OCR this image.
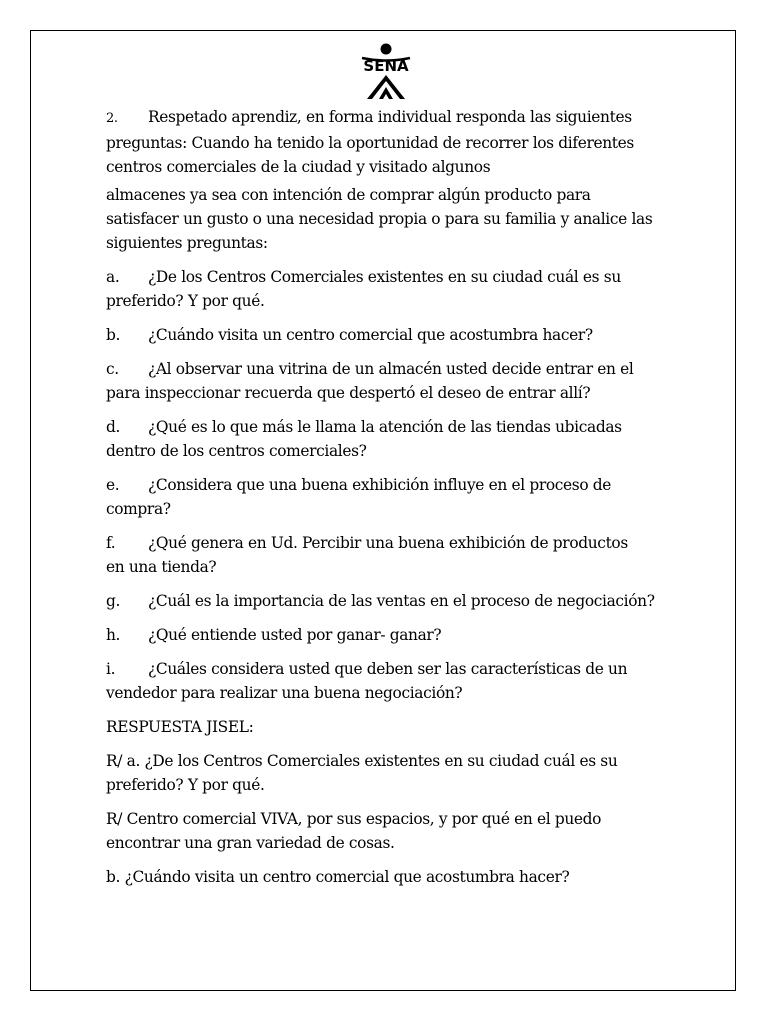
SENA

2. Respetado aprendiz, en forma individual responda las siguientes
preguntas: Cuando ha tenido la oportunidad de recorrer los diferentes
centros comerciales de la ciudad y visitado algunos

almacenes ya sea con intención de comprar algún producto para
satisfacer un gusto o una necesidad propia o para su familia y analice las
siguientes preguntas:

a. ¿De los Centros Comerciales existentes en su ciudad cuál es su
preferido? Y por qué.

b. ¿Cuándo visita un centro comercial que acostumbra hacer?

c. ¿Al observar una vitrina de un almacén usted decide entrar en el
para inspeccionar recuerda que despertó el deseo de entrar allí?

d. ¿Qué es lo que más le llama la atención de las tiendas ubicadas
dentro de los centros comerciales?

e. ¿Considera que una buena exhibición influye en el proceso de
compra?

f. ¿Qué genera en Ud. Percibir una buena exhibición de productos
en una tienda?

g. ¿Cuál es la importancia de las ventas en el proceso de negociación?

h. ¿Qué entiende usted por ganar- ganar?

i. ¿Cuáles considera usted que deben ser las características de un
vendedor para realizar una buena negociación?

RESPUESTA JISEL:

R/ a. ¿De los Centros Comerciales existentes en su ciudad cuál es su
preferido? Y por qué.

R/ Centro comercial VIVA, por sus espacios, y por qué en el puedo
encontrar una gran variedad de cosas.

b. ¿Cuándo visita un centro comercial que acostumbra hacer?
